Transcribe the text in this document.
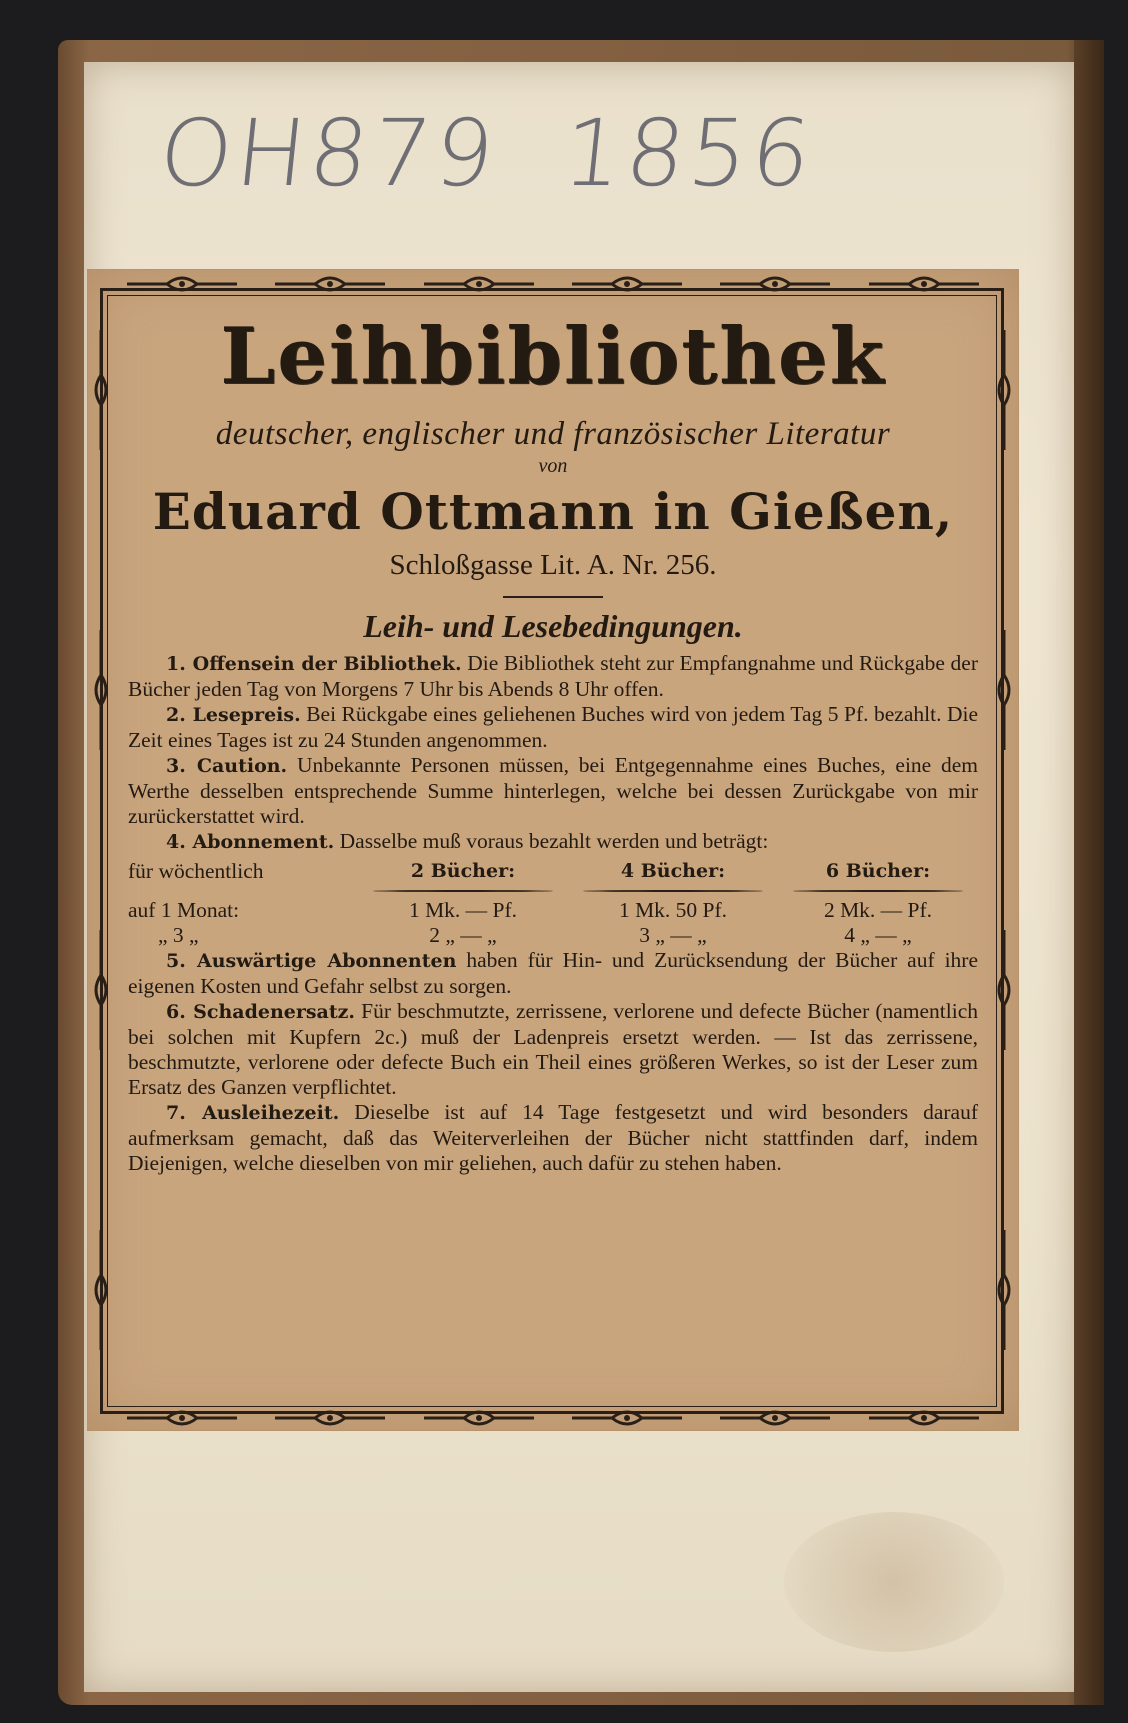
OH879 1856
Leihbibliothek
deutscher, englischer und französischer Literatur
von
Eduard Ottmann in Gießen,
Schloßgasse Lit. A. Nr. 256.
Leih- und Lesebedingungen.

1. Offensein der Bibliothek. Die Bibliothek steht zur Empfangnahme und Rückgabe der Bücher jeden Tag von Morgens 7 Uhr bis Abends 8 Uhr offen.

2. Lesepreis. Bei Rückgabe eines geliehenen Buches wird von jedem Tag 5 Pf. bezahlt. Die Zeit eines Tages ist zu 24 Stunden angenommen.

3. Caution. Unbekannte Personen müssen, bei Entgegennahme eines Buches, eine dem Werthe desselben entsprechende Summe hinterlegen, welche bei dessen Zurückgabe von mir zurückerstattet wird.

4. Abonnement. Dasselbe muß voraus bezahlt werden und beträgt:

für wöchentlich	2 Bücher:	4 Bücher:	6 Bücher:
auf 1 Monat:	1 Mk. — Pf.	1 Mk. 50 Pf.	2 Mk. — Pf.
„ 3 „	2 „ — „	3 „ — „	4 „ — „

5. Auswärtige Abonnenten haben für Hin- und Zurücksendung der Bücher auf ihre eigenen Kosten und Gefahr selbst zu sorgen.

6. Schadenersatz. Für beschmutzte, zerrissene, verlorene und defecte Bücher (namentlich bei solchen mit Kupfern 2c.) muß der Ladenpreis ersetzt werden. — Ist das zerrissene, beschmutzte, verlorene oder defecte Buch ein Theil eines größeren Werkes, so ist der Leser zum Ersatz des Ganzen verpflichtet.

7. Ausleihezeit. Dieselbe ist auf 14 Tage festgesetzt und wird besonders darauf aufmerksam gemacht, daß das Weiterverleihen der Bücher nicht stattfinden darf, indem Diejenigen, welche dieselben von mir geliehen, auch dafür zu stehen haben.
